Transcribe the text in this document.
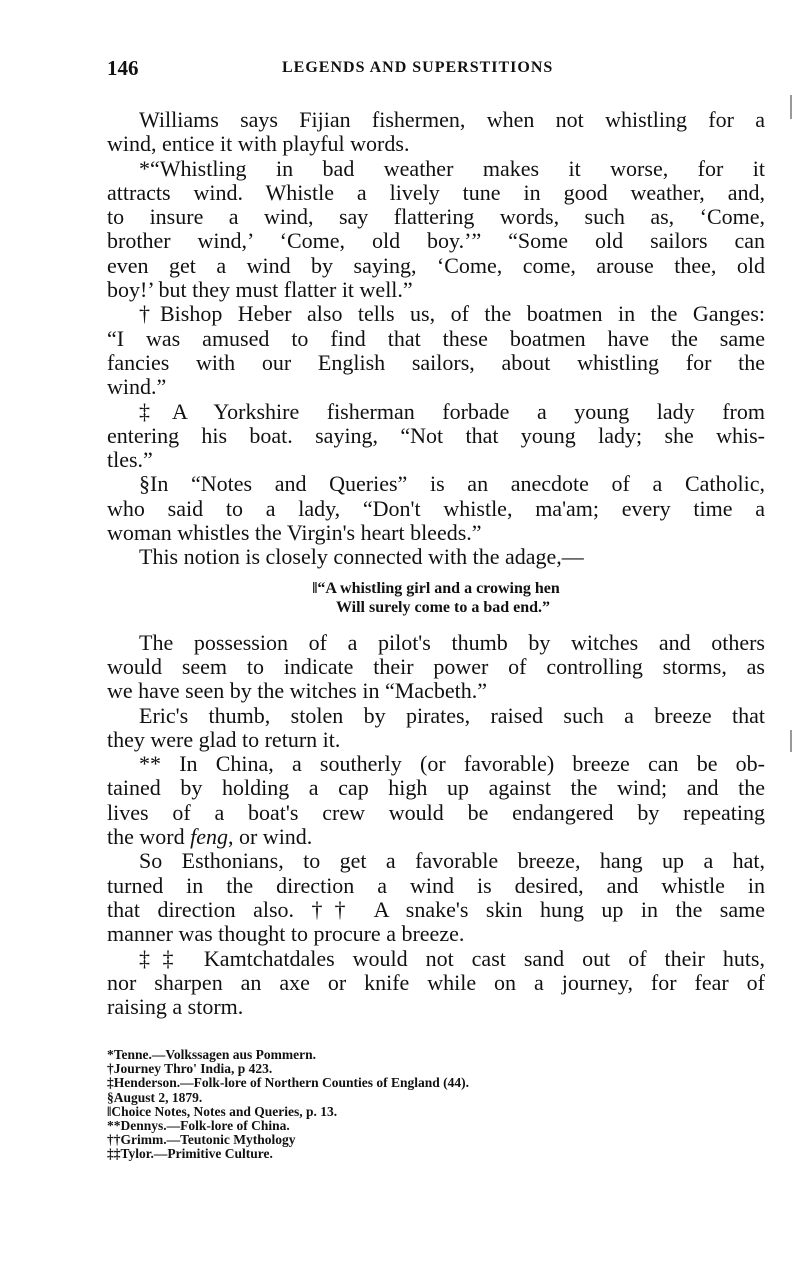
146	LEGENDS AND SUPERSTITIONS
Williams says Fijian fishermen, when not whistling for a
wind, entice it with playful words.
*“Whistling in bad weather makes it worse, for it
attracts wind. Whistle a lively tune in good weather, and,
to insure a wind, say flattering words, such as, ‘Come,
brother wind,’ ‘Come, old boy.’” “Some old sailors can
even get a wind by saying, ‘Come, come, arouse thee, old
boy!’ but they must flatter it well.”
†Bishop Heber also tells us, of the boatmen in the Ganges:
“I was amused to find that these boatmen have the same
fancies with our English sailors, about whistling for the
wind.”
‡A Yorkshire fisherman forbade a young lady from
entering his boat. saying, “Not that young lady; she whis-
tles.”
§In “Notes and Queries” is an anecdote of a Catholic,
who said to a lady, “Don't whistle, ma'am; every time a
woman whistles the Virgin's heart bleeds.”
This notion is closely connected with the adage,—
‖“A whistling girl and a crowing hen
Will surely come to a bad end.”
The possession of a pilot's thumb by witches and others
would seem to indicate their power of controlling storms, as
we have seen by the witches in “Macbeth.”
Eric's thumb, stolen by pirates, raised such a breeze that
they were glad to return it.
** In China, a southerly (or favorable) breeze can be ob-
tained by holding a cap high up against the wind; and the
lives of a boat's crew would be endangered by repeating
the word feng, or wind.
So Esthonians, to get a favorable breeze, hang up a hat,
turned in the direction a wind is desired, and whistle in
that direction also. †† A snake's skin hung up in the same
manner was thought to procure a breeze.
‡‡ Kamtchatdales would not cast sand out of their huts,
nor sharpen an axe or knife while on a journey, for fear of
raising a storm.
*Tenne.—Volkssagen aus Pommern.
†Journey Thro' India, p 423.
‡Henderson.—Folk-lore of Northern Counties of England (44).
§August 2, 1879.
‖Choice Notes, Notes and Queries, p. 13.
**Dennys.—Folk-lore of China.
††Grimm.—Teutonic Mythology
‡‡Tylor.—Primitive Culture.
